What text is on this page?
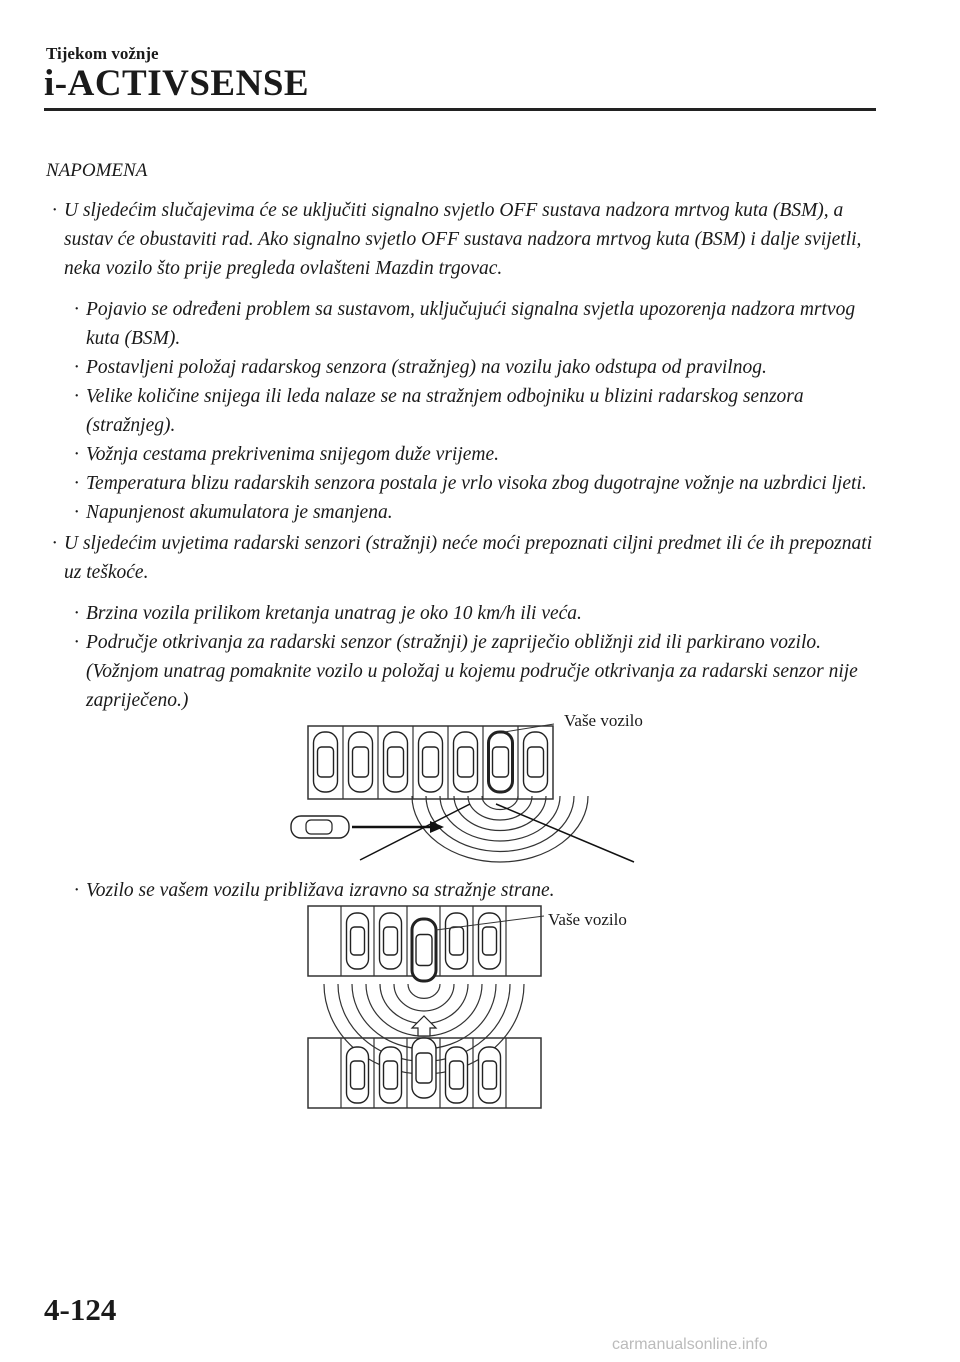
Tijekom vožnje
i-ACTIVSENSE
NAPOMENA

· U sljedećim slučajevima će se uključiti signalno svjetlo OFF sustava nadzora mrtvog kuta (BSM), a sustav će obustaviti rad. Ako signalno svjetlo OFF sustava nadzora mrtvog kuta (BSM) i dalje svijetli, neka vozilo što prije pregleda ovlašteni Mazdin trgovac.

· Pojavio se određeni problem sa sustavom, uključujući signalna svjetla upozorenja nadzora mrtvog kuta (BSM).

· Postavljeni položaj radarskog senzora (stražnjeg) na vozilu jako odstupa od pravilnog.

· Velike količine snijega ili leda nalaze se na stražnjem odbojniku u blizini radarskog senzora (stražnjeg).

· Vožnja cestama prekrivenima snijegom duže vrijeme.

· Temperatura blizu radarskih senzora postala je vrlo visoka zbog dugotrajne vožnje na uzbrdici ljeti.

· Napunjenost akumulatora je smanjena.

· U sljedećim uvjetima radarski senzori (stražnji) neće moći prepoznati ciljni predmet ili će ih prepoznati uz teškoće.

· Brzina vozila prilikom kretanja unatrag je oko 10 km/h ili veća.

· Područje otkrivanja za radarski senzor (stražnji) je zapriječio obližnji zid ili parkirano vozilo. (Vožnjom unatrag pomaknite vozilo u položaj u kojemu područje otkrivanja za radarski senzor nije zapriječeno.)

Vaše vozilo

· Vozilo se vašem vozilu približava izravno sa stražnje strane.

Vaše vozilo
4-124
carmanualsonline.info
